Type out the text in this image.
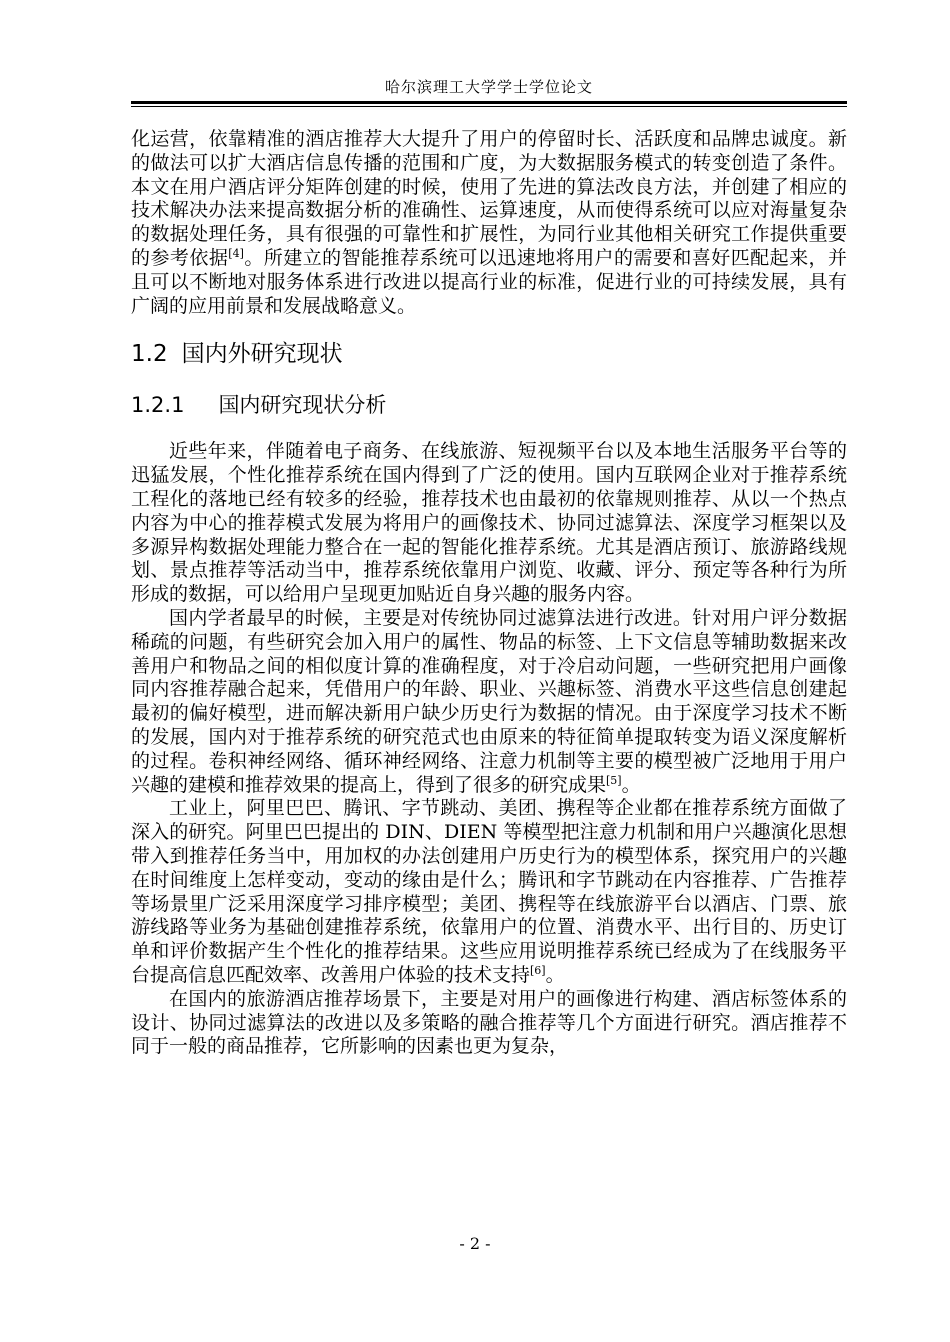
哈尔滨理工大学学士学位论文

化运营，依靠精准的酒店推荐大大提升了用户的停留时长、活跃度和品牌忠诚度。新的做法可以扩大酒店信息传播的范围和广度，为大数据服务模式的转变创造了条件。本文在用户酒店评分矩阵创建的时候，使用了先进的算法改良方法，并创建了相应的技术解决办法来提高数据分析的准确性、运算速度，从而使得系统可以应对海量复杂的数据处理任务，具有很强的可靠性和扩展性，为同行业其他相关研究工作提供重要的参考依据[4]。所建立的智能推荐系统可以迅速地将用户的需要和喜好匹配起来，并且可以不断地对服务体系进行改进以提高行业的标准，促进行业的可持续发展，具有广阔的应用前景和发展战略意义。

1.2 国内外研究现状
1.2.1 国内研究现状分析

近些年来，伴随着电子商务、在线旅游、短视频平台以及本地生活服务平台等的迅猛发展，个性化推荐系统在国内得到了广泛的使用。国内互联网企业对于推荐系统工程化的落地已经有较多的经验，推荐技术也由最初的依靠规则推荐、从以一个热点内容为中心的推荐模式发展为将用户的画像技术、协同过滤算法、深度学习框架以及多源异构数据处理能力整合在一起的智能化推荐系统。尤其是酒店预订、旅游路线规划、景点推荐等活动当中，推荐系统依靠用户浏览、收藏、评分、预定等各种行为所形成的数据，可以给用户呈现更加贴近自身兴趣的服务内容。

国内学者最早的时候，主要是对传统协同过滤算法进行改进。针对用户评分数据稀疏的问题，有些研究会加入用户的属性、物品的标签、上下文信息等辅助数据来改善用户和物品之间的相似度计算的准确程度，对于冷启动问题，一些研究把用户画像同内容推荐融合起来，凭借用户的年龄、职业、兴趣标签、消费水平这些信息创建起最初的偏好模型，进而解决新用户缺少历史行为数据的情况。由于深度学习技术不断的发展，国内对于推荐系统的研究范式也由原来的特征简单提取转变为语义深度解析的过程。卷积神经网络、循环神经网络、注意力机制等主要的模型被广泛地用于用户兴趣的建模和推荐效果的提高上，得到了很多的研究成果[5]。

工业上，阿里巴巴、腾讯、字节跳动、美团、携程等企业都在推荐系统方面做了深入的研究。阿里巴巴提出的 DIN、DIEN 等模型把注意力机制和用户兴趣演化思想带入到推荐任务当中，用加权的办法创建用户历史行为的模型体系，探究用户的兴趣在时间维度上怎样变动，变动的缘由是什么；腾讯和字节跳动在内容推荐、广告推荐等场景里广泛采用深度学习排序模型；美团、携程等在线旅游平台以酒店、门票、旅游线路等业务为基础创建推荐系统，依靠用户的位置、消费水平、出行目的、历史订单和评价数据产生个性化的推荐结果。这些应用说明推荐系统已经成为了在线服务平台提高信息匹配效率、改善用户体验的技术支持[6]。

在国内的旅游酒店推荐场景下，主要是对用户的画像进行构建、酒店标签体系的设计、协同过滤算法的改进以及多策略的融合推荐等几个方面进行研究。酒店推荐不同于一般的商品推荐，它所影响的因素也更为复杂，

- 2 -
